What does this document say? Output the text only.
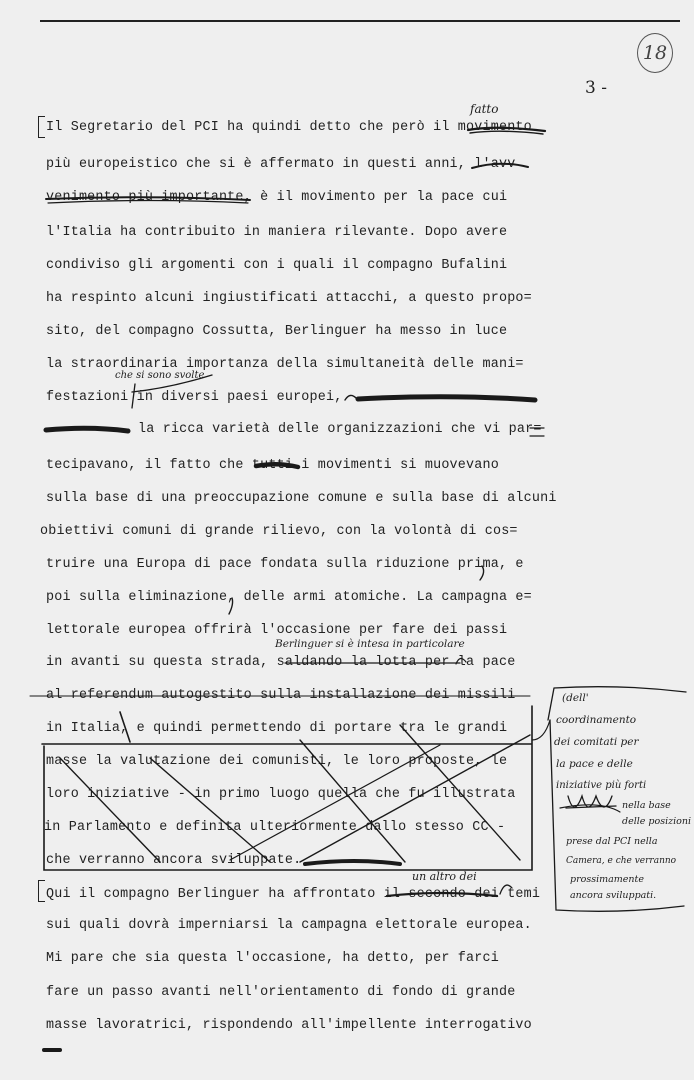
18
3 -
Il Segretario del PCI ha quindi detto che però il movimento
più europeistico che si è affermato in questi anni, l'avv
venimento più importante, è il movimento per la pace cui
l'Italia ha contribuito in maniera rilevante. Dopo avere
condiviso gli argomenti con i quali il compagno Bufalini
ha respinto alcuni ingiustificati attacchi, a questo propo=
sito, del compagno Cossutta, Berlinguer ha messo in luce
la straordinaria importanza della simultaneità delle mani=
festazioni in diversi paesi europei,
la ricca varietà delle organizzazioni che vi par=
tecipavano, il fatto che tutti i movimenti si muovevano
sulla base di una preoccupazione comune e sulla base di alcuni
obiettivi comuni di grande rilievo, con la volontà di cos=
truire una Europa di pace fondata sulla riduzione prima, e
poi sulla eliminazione, delle armi atomiche. La campagna e=
lettorale europea offrirà l'occasione per fare dei passi
in avanti su questa strada, saldando la lotta per la pace
al referendum autogestito sulla installazione dei missili
in Italia, e quindi permettendo di portare tra le grandi
masse la valutazione dei comunisti, le loro proposte, le
loro iniziative - in primo luogo quella che fu illustrata
in Parlamento e definita ulteriormente dallo stesso CC -
che verranno ancora sviluppate.
Qui il compagno Berlinguer ha affrontato il secondo dei temi
sui quali dovrà imperniarsi la campagna elettorale europea.
Mi pare che sia questa l'occasione, ha detto, per farci
fare un passo avanti nell'orientamento di fondo di grande
masse lavoratrici, rispondendo all'impellente interrogativo
fatto
che si sono svolte
Berlinguer si è intesa in particolare
un altro dei
(dell'
coordinamento
dei comitati per
la pace e delle
iniziative più forti
nella base
delle posizioni
prese dal PCI nella
Camera, e che verranno
prossimamente
ancora sviluppati.
